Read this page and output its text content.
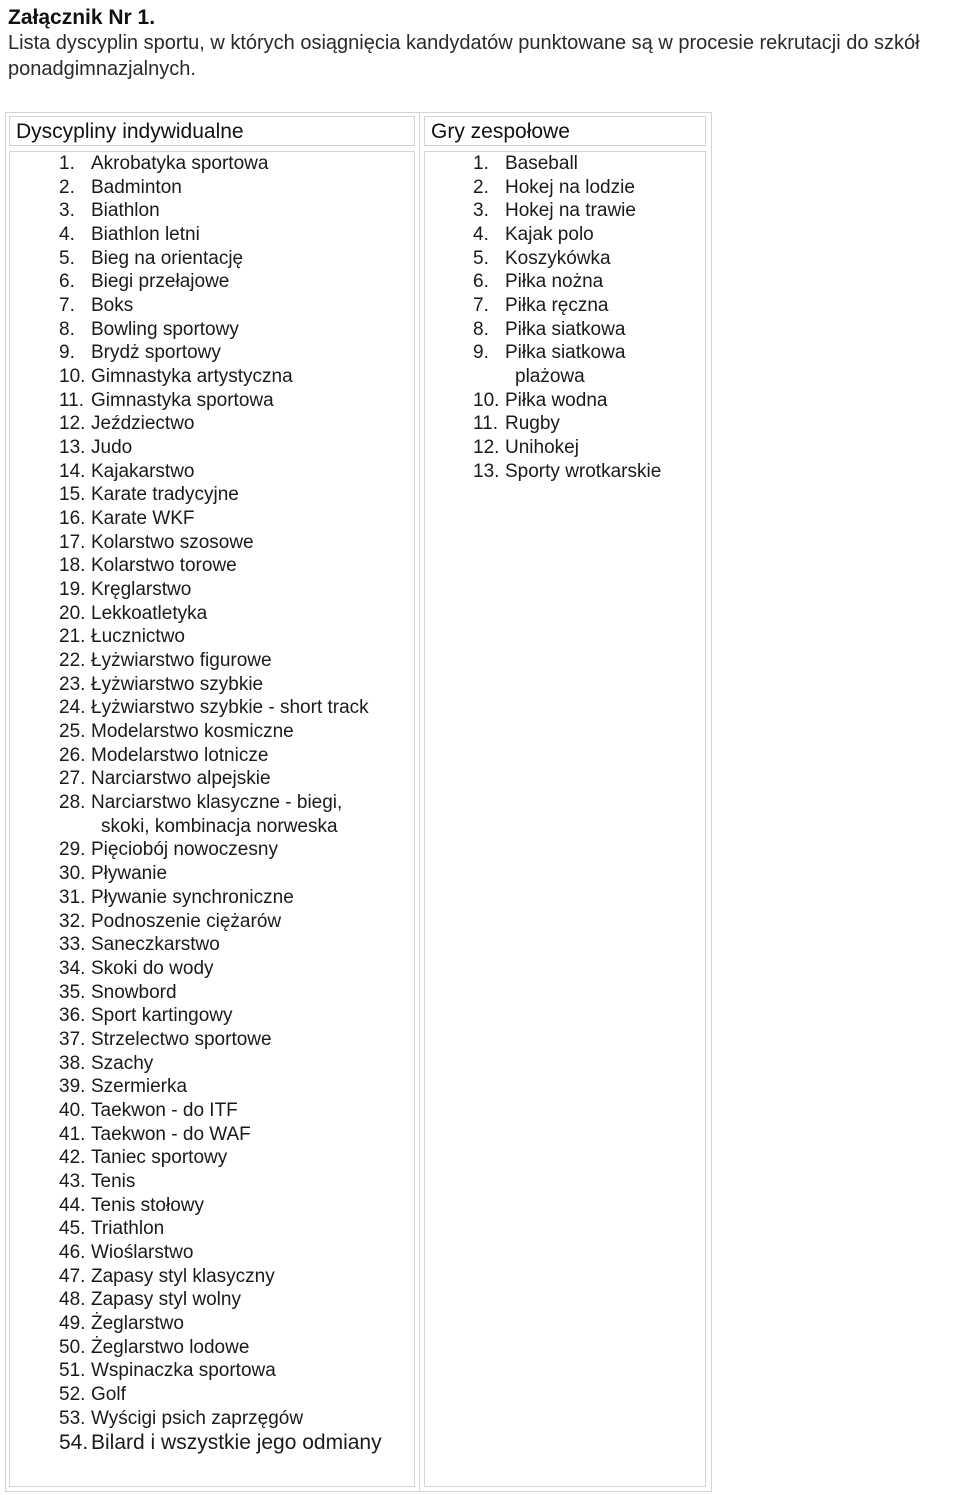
Załącznik Nr 1.
Lista dyscyplin sportu, w których osiągnięcia kandydatów punktowane są w procesie rekrutacji do szkół ponadgimnazjalnych.
Dyscypliny indywidualne	Gry zespołowe
1. Akrobatyka sportowa
2. Badminton
3. Biathlon
4. Biathlon letni
5. Bieg na orientację
6. Biegi przełajowe
7. Boks
8. Bowling sportowy
9. Brydż sportowy
10. Gimnastyka artystyczna
11. Gimnastyka sportowa
12. Jeździectwo
13. Judo
14. Kajakarstwo
15. Karate tradycyjne
16. Karate WKF
17. Kolarstwo szosowe
18. Kolarstwo torowe
19. Kręglarstwo
20. Lekkoatletyka
21. Łucznictwo
22. Łyżwiarstwo figurowe
23. Łyżwiarstwo szybkie
24. Łyżwiarstwo szybkie - short track
25. Modelarstwo kosmiczne
26. Modelarstwo lotnicze
27. Narciarstwo alpejskie
28. Narciarstwo klasyczne - biegi,
skoki, kombinacja norweska
29. Pięciobój nowoczesny
30. Pływanie
31. Pływanie synchroniczne
32. Podnoszenie ciężarów
33. Saneczkarstwo
34. Skoki do wody
35. Snowbord
36. Sport kartingowy
37. Strzelectwo sportowe
38. Szachy
39. Szermierka
40. Taekwon - do ITF
41. Taekwon - do WAF
42. Taniec sportowy
43. Tenis
44. Tenis stołowy
45. Triathlon
46. Wioślarstwo
47. Zapasy styl klasyczny
48. Zapasy styl wolny
49. Żeglarstwo
50. Żeglarstwo lodowe
51. Wspinaczka sportowa
52. Golf
53. Wyścigi psich zaprzęgów
54. Bilard i wszystkie jego odmiany
1. Baseball
2. Hokej na lodzie
3. Hokej na trawie
4. Kajak polo
5. Koszykówka
6. Piłka nożna
7. Piłka ręczna
8. Piłka siatkowa
9. Piłka siatkowa
plażowa
10. Piłka wodna
11. Rugby
12. Unihokej
13. Sporty wrotkarskie
